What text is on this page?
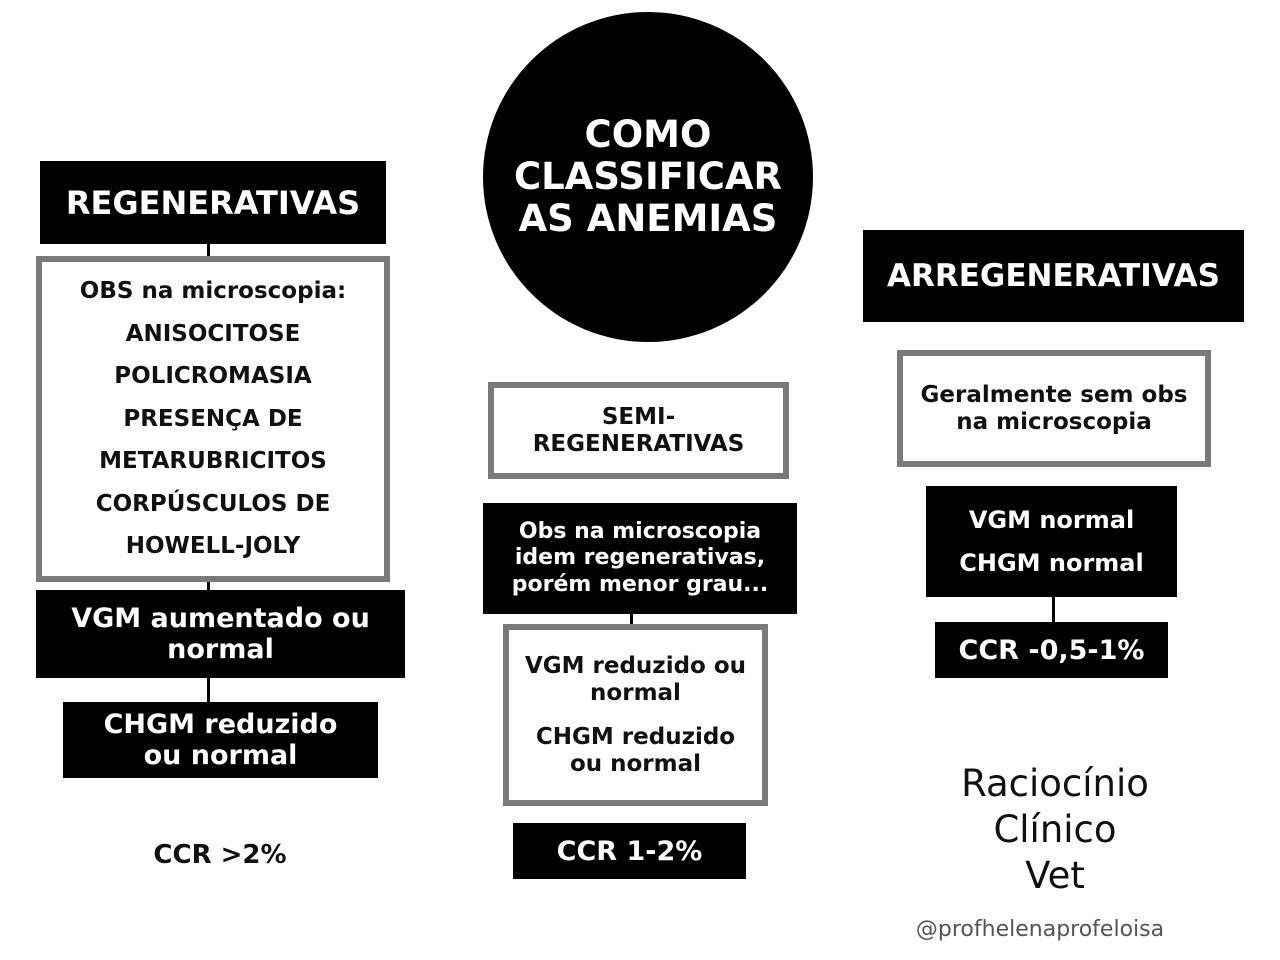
COMO
CLASSIFICAR
AS ANEMIAS
REGENERATIVAS
OBS na microscopia:
ANISOCITOSE
POLICROMASIA
PRESENÇA DE
METARUBRICITOS
CORPÚSCULOS DE
HOWELL-JOLY
VGM aumentado ou
normal
CHGM reduzido
ou normal
CCR >2%
SEMI-
REGENERATIVAS
Obs na microscopia
idem regenerativas,
porém menor grau...
VGM reduzido ou
normal
CHGM reduzido
ou normal
CCR 1-2%
ARREGENERATIVAS
Geralmente sem obs
na microscopia
VGM normal
CHGM normal
CCR -0,5-1%
Raciocínio
Clínico
Vet
@profhelenaprofeloisa
